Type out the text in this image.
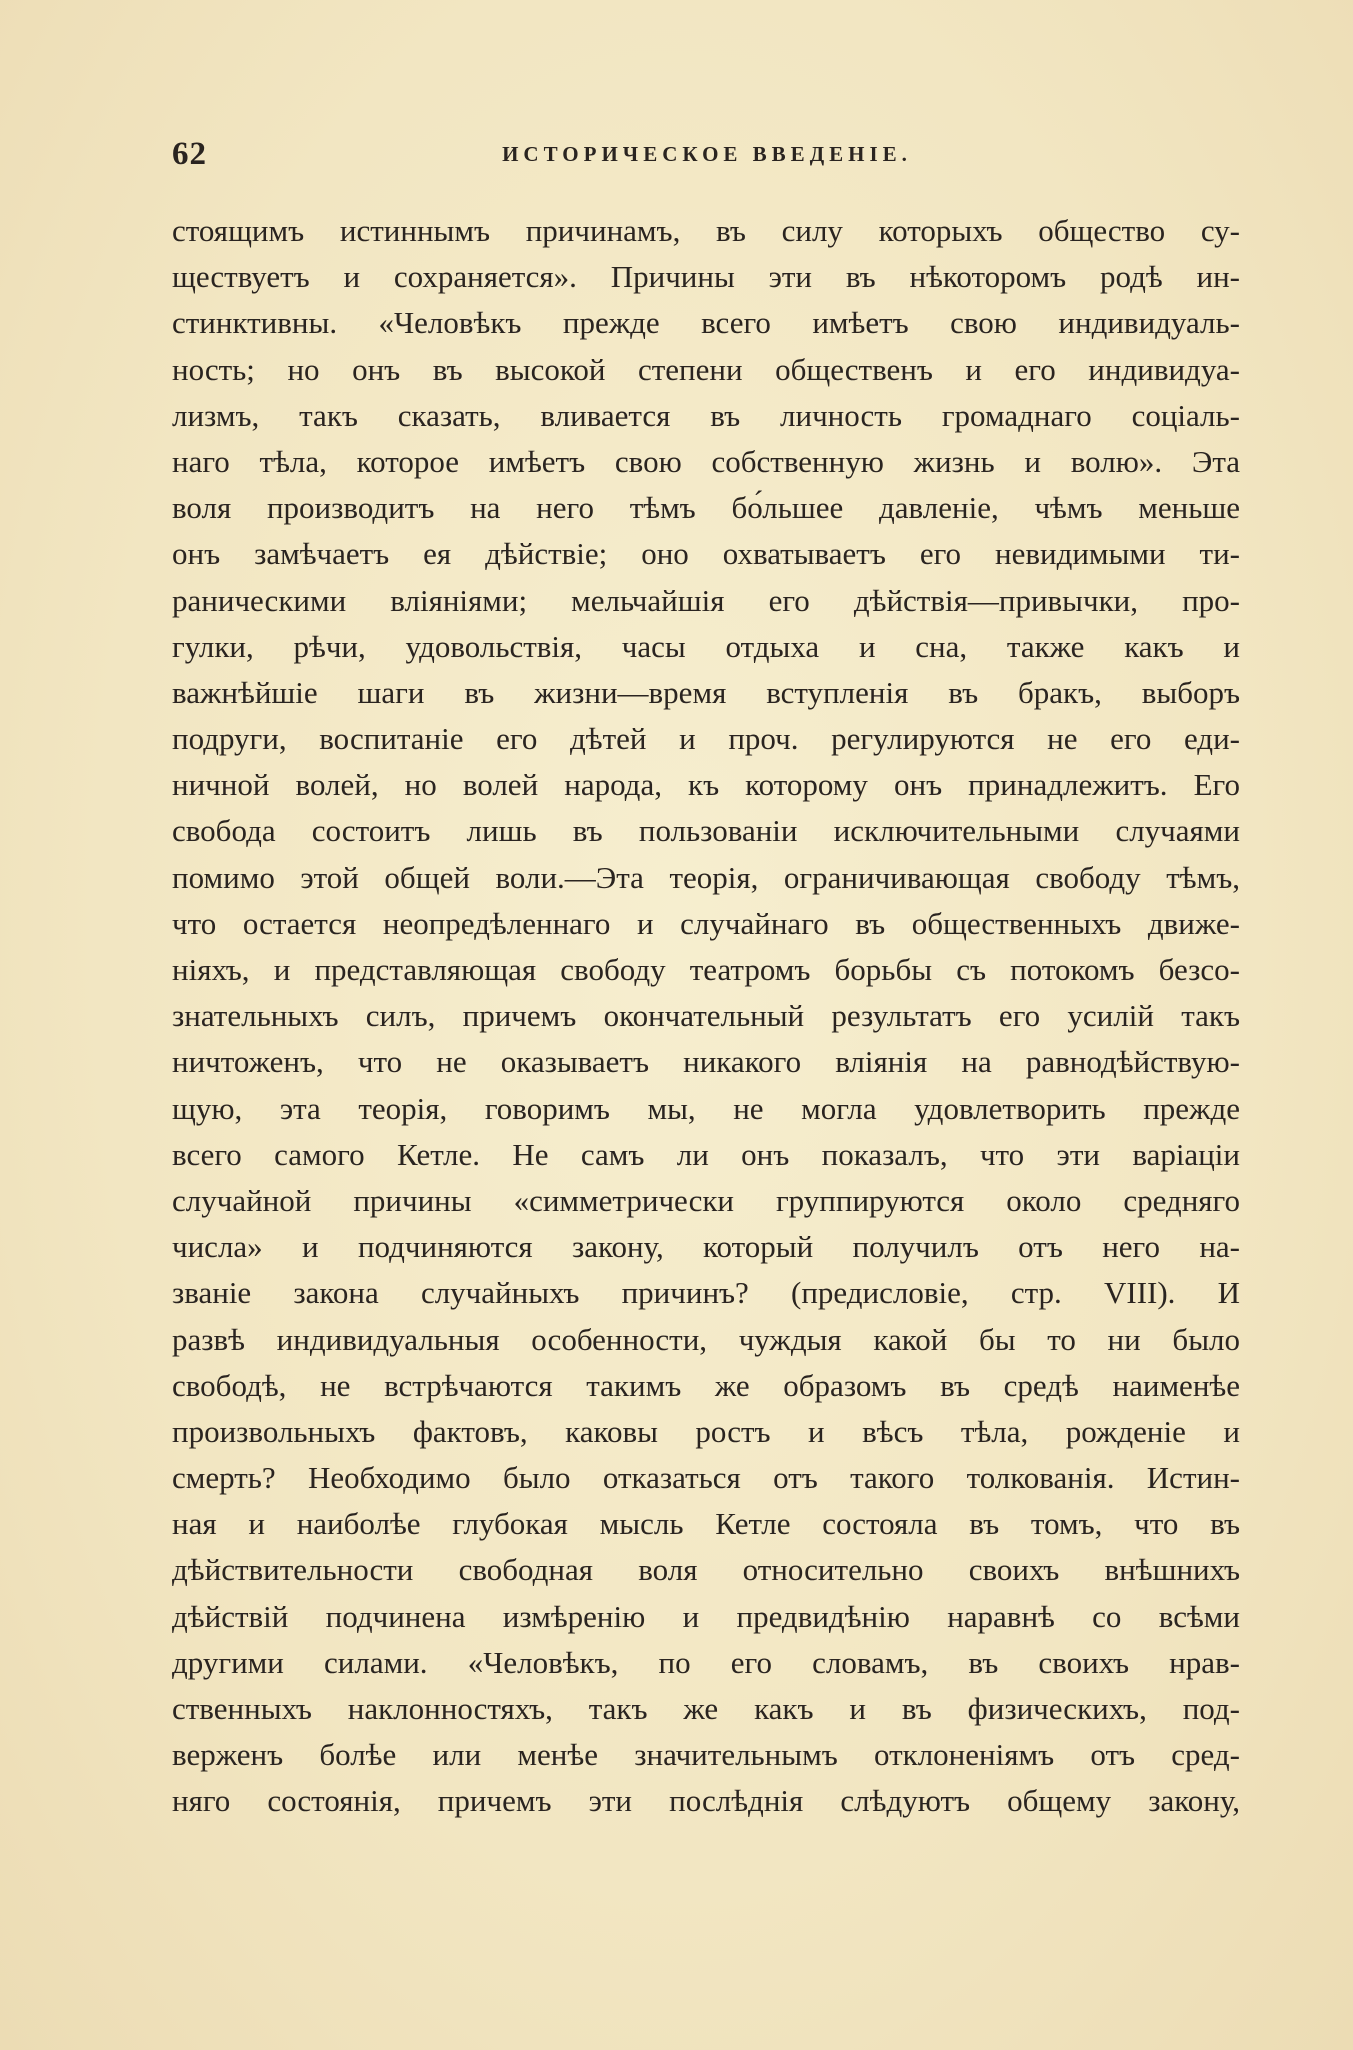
62	ИСТОРИЧЕСКОЕ ВВЕДЕНІЕ.
стоящимъ истиннымъ причинамъ, въ силу которыхъ общество су-
ществуетъ и сохраняется». Причины эти въ нѣкоторомъ родѣ ин-
стинктивны. «Человѣкъ прежде всего имѣетъ свою индивидуаль-
ность; но онъ въ высокой степени общественъ и его индивидуа-
лизмъ, такъ сказать, вливается въ личность громаднаго соціаль-
наго тѣла, которое имѣетъ свою собственную жизнь и волю». Эта
воля производитъ на него тѣмъ бо́льшее давленіе, чѣмъ меньше
онъ замѣчаетъ ея дѣйствіе; оно охватываетъ его невидимыми ти-
раническими вліяніями; мельчайшія его дѣйствія—привычки, про-
гулки, рѣчи, удовольствія, часы отдыха и сна, также какъ и
важнѣйшіе шаги въ жизни—время вступленія въ бракъ, выборъ
подруги, воспитаніе его дѣтей и проч. регулируются не его еди-
ничной волей, но волей народа, къ которому онъ принадлежитъ. Его
свобода состоитъ лишь въ пользованіи исключительными случаями
помимо этой общей воли.—Эта теорія, ограничивающая свободу тѣмъ,
что остается неопредѣленнаго и случайнаго въ общественныхъ движе-
ніяхъ, и представляющая свободу театромъ борьбы съ потокомъ безсо-
знательныхъ силъ, причемъ окончательный результатъ его усилій такъ
ничтоженъ, что не оказываетъ никакого вліянія на равнодѣйствую-
щую, эта теорія, говоримъ мы, не могла удовлетворить прежде
всего самого Кетле. Не самъ ли онъ показалъ, что эти варіаціи
случайной причины «симметрически группируются около средняго
числа» и подчиняются закону, который получилъ отъ него на-
званіе закона случайныхъ причинъ? (предисловіе, стр. VIII). И
развѣ индивидуальныя особенности, чуждыя какой бы то ни было
свободѣ, не встрѣчаются такимъ же образомъ въ средѣ наименѣе
произвольныхъ фактовъ, каковы ростъ и вѣсъ тѣла, рожденіе и
смерть? Необходимо было отказаться отъ такого толкованія. Истин-
ная и наиболѣе глубокая мысль Кетле состояла въ томъ, что въ
дѣйствительности свободная воля относительно своихъ внѣшнихъ
дѣйствій подчинена измѣренію и предвидѣнію наравнѣ со всѣми
другими силами. «Человѣкъ, по его словамъ, въ своихъ нрав-
ственныхъ наклонностяхъ, такъ же какъ и въ физическихъ, под-
верженъ болѣе или менѣе значительнымъ отклоненіямъ отъ сред-
няго состоянія, причемъ эти послѣднія слѣдуютъ общему закону,
